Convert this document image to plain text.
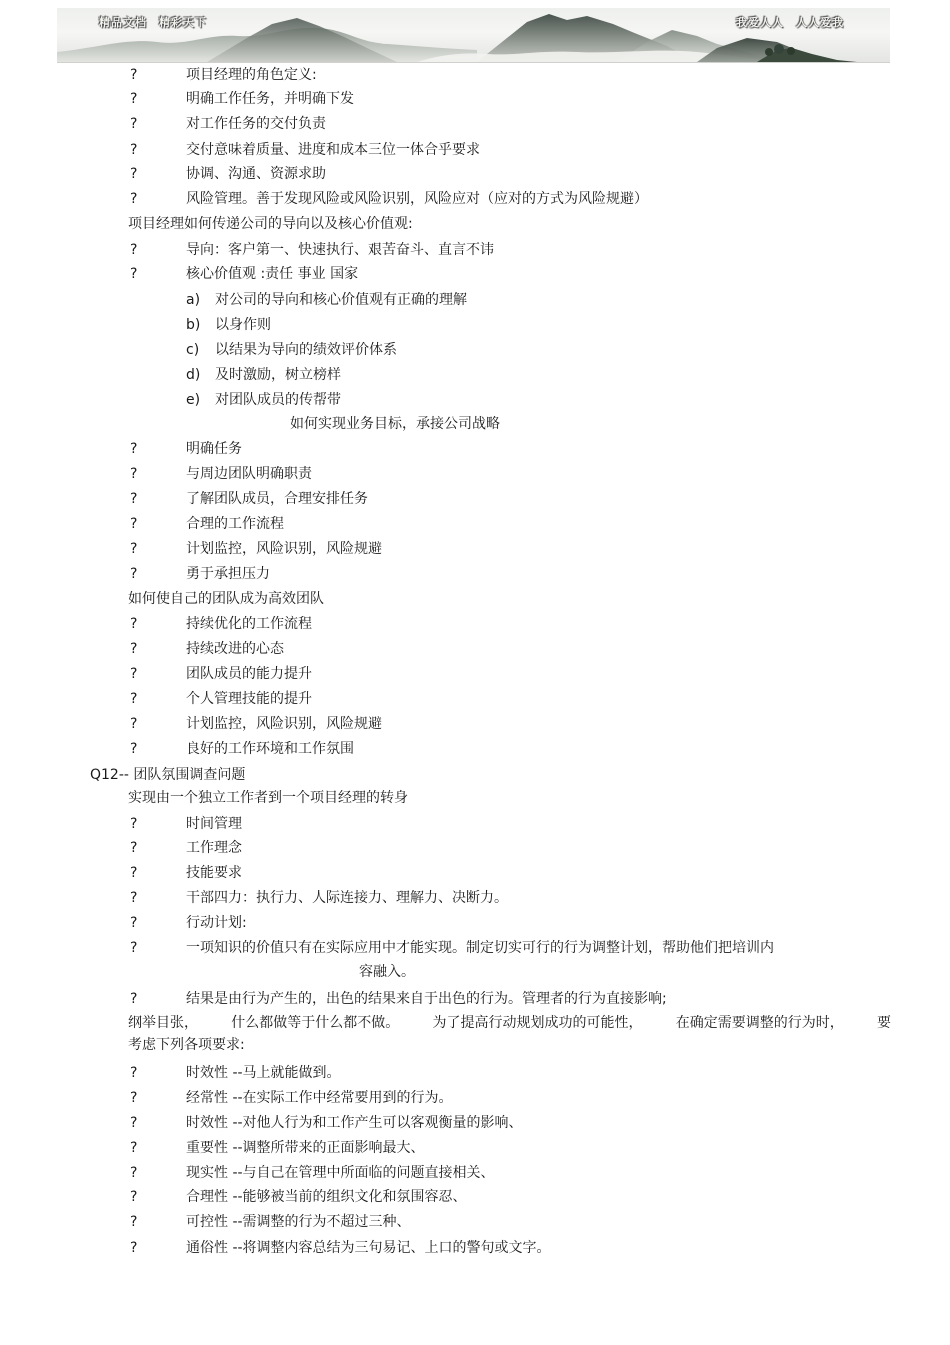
精品文档　精彩天下	我爱人人　人人爱我
?	项目经理的角色定义:
?	明确工作任务，并明确下发
?	对工作任务的交付负责
?	交付意味着质量、进度和成本三位一体合乎要求
?	协调、沟通、资源求助
?	风险管理。善于发现风险或风险识别，风险应对（应对的方式为风险规避）
项目经理如何传递公司的导向以及核心价值观:
?	导向：客户第一、快速执行、艰苦奋斗、直言不讳
?	核心价值观 :责任 事业 国家
a) 对公司的导向和核心价值观有正确的理解
b) 以身作则
c) 以结果为导向的绩效评价体系
d) 及时激励，树立榜样
e) 对团队成员的传帮带
如何实现业务目标，承接公司战略
?	明确任务
?	与周边团队明确职责
?	了解团队成员，合理安排任务
?	合理的工作流程
?	计划监控，风险识别，风险规避
?	勇于承担压力
如何使自己的团队成为高效团队
?	持续优化的工作流程
?	持续改进的心态
?	团队成员的能力提升
?	个人管理技能的提升
?	计划监控，风险识别，风险规避
?	良好的工作环境和工作氛围
Q12-- 团队氛围调查问题
实现由一个独立工作者到一个项目经理的转身
?	时间管理
?	工作理念
?	技能要求
?	干部四力：执行力、人际连接力、理解力、决断力。
?	行动计划:
?	一项知识的价值只有在实际应用中才能实现。制定切实可行的行为调整计划，帮助他们把培训内
容融入。
?	结果是由行为产生的，出色的结果来自于出色的行为。管理者的行为直接影响;
纲举目张， 什么都做等于什么都不做。 为了提高行动规划成功的可能性， 在确定需要调整的行为时， 要
考虑下列各项要求:
?	时效性 --马上就能做到。
?	经常性 --在实际工作中经常要用到的行为。
?	时效性 --对他人行为和工作产生可以客观衡量的影响、
?	重要性 --调整所带来的正面影响最大、
?	现实性 --与自己在管理中所面临的问题直接相关、
?	合理性 --能够被当前的组织文化和氛围容忍、
?	可控性 --需调整的行为不超过三种、
?	通俗性 --将调整内容总结为三句易记、上口的警句或文字。
